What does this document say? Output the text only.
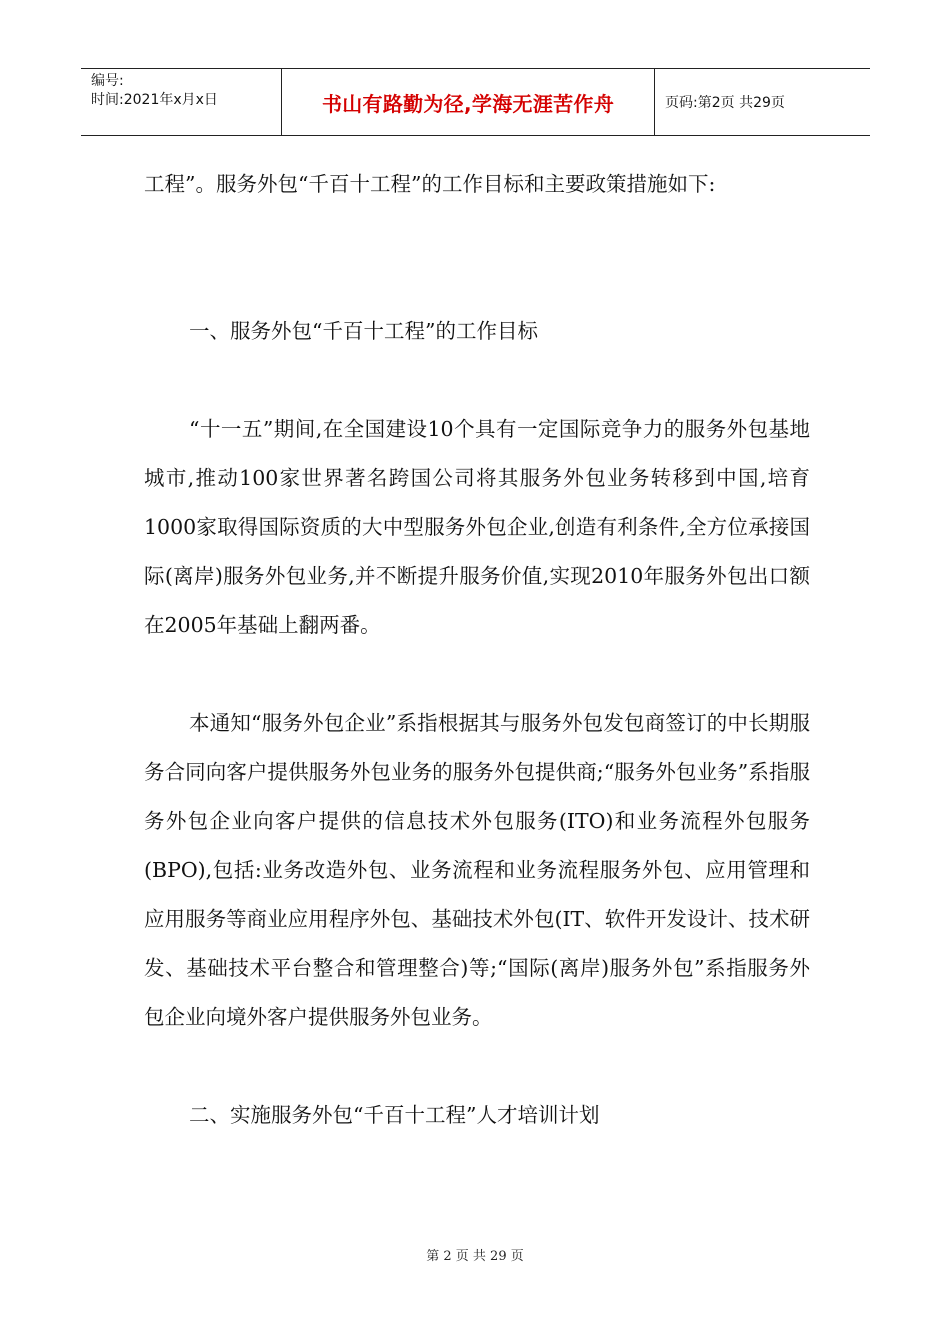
编号:
时间:2021年x月x日	书山有路勤为径,学海无涯苦作舟	页码:第2页 共29页

工程”。服务外包“千百十工程”的工作目标和主要政策措施如下:

一、服务外包“千百十工程”的工作目标

“十一五”期间,在全国建设10个具有一定国际竞争力的服务外包基地城市,推动100家世界著名跨国公司将其服务外包业务转移到中国,培育1000家取得国际资质的大中型服务外包企业,创造有利条件,全方位承接国际(离岸)服务外包业务,并不断提升服务价值,实现2010年服务外包出口额在2005年基础上翻两番。

本通知“服务外包企业”系指根据其与服务外包发包商签订的中长期服务合同向客户提供服务外包业务的服务外包提供商;“服务外包业务”系指服务外包企业向客户提供的信息技术外包服务(ITO)和业务流程外包服务(BPO),包括:业务改造外包、业务流程和业务流程服务外包、应用管理和应用服务等商业应用程序外包、基础技术外包(IT、软件开发设计、技术研发、基础技术平台整合和管理整合)等;“国际(离岸)服务外包”系指服务外包企业向境外客户提供服务外包业务。

二、实施服务外包“千百十工程”人才培训计划

第 2 页 共 29 页
